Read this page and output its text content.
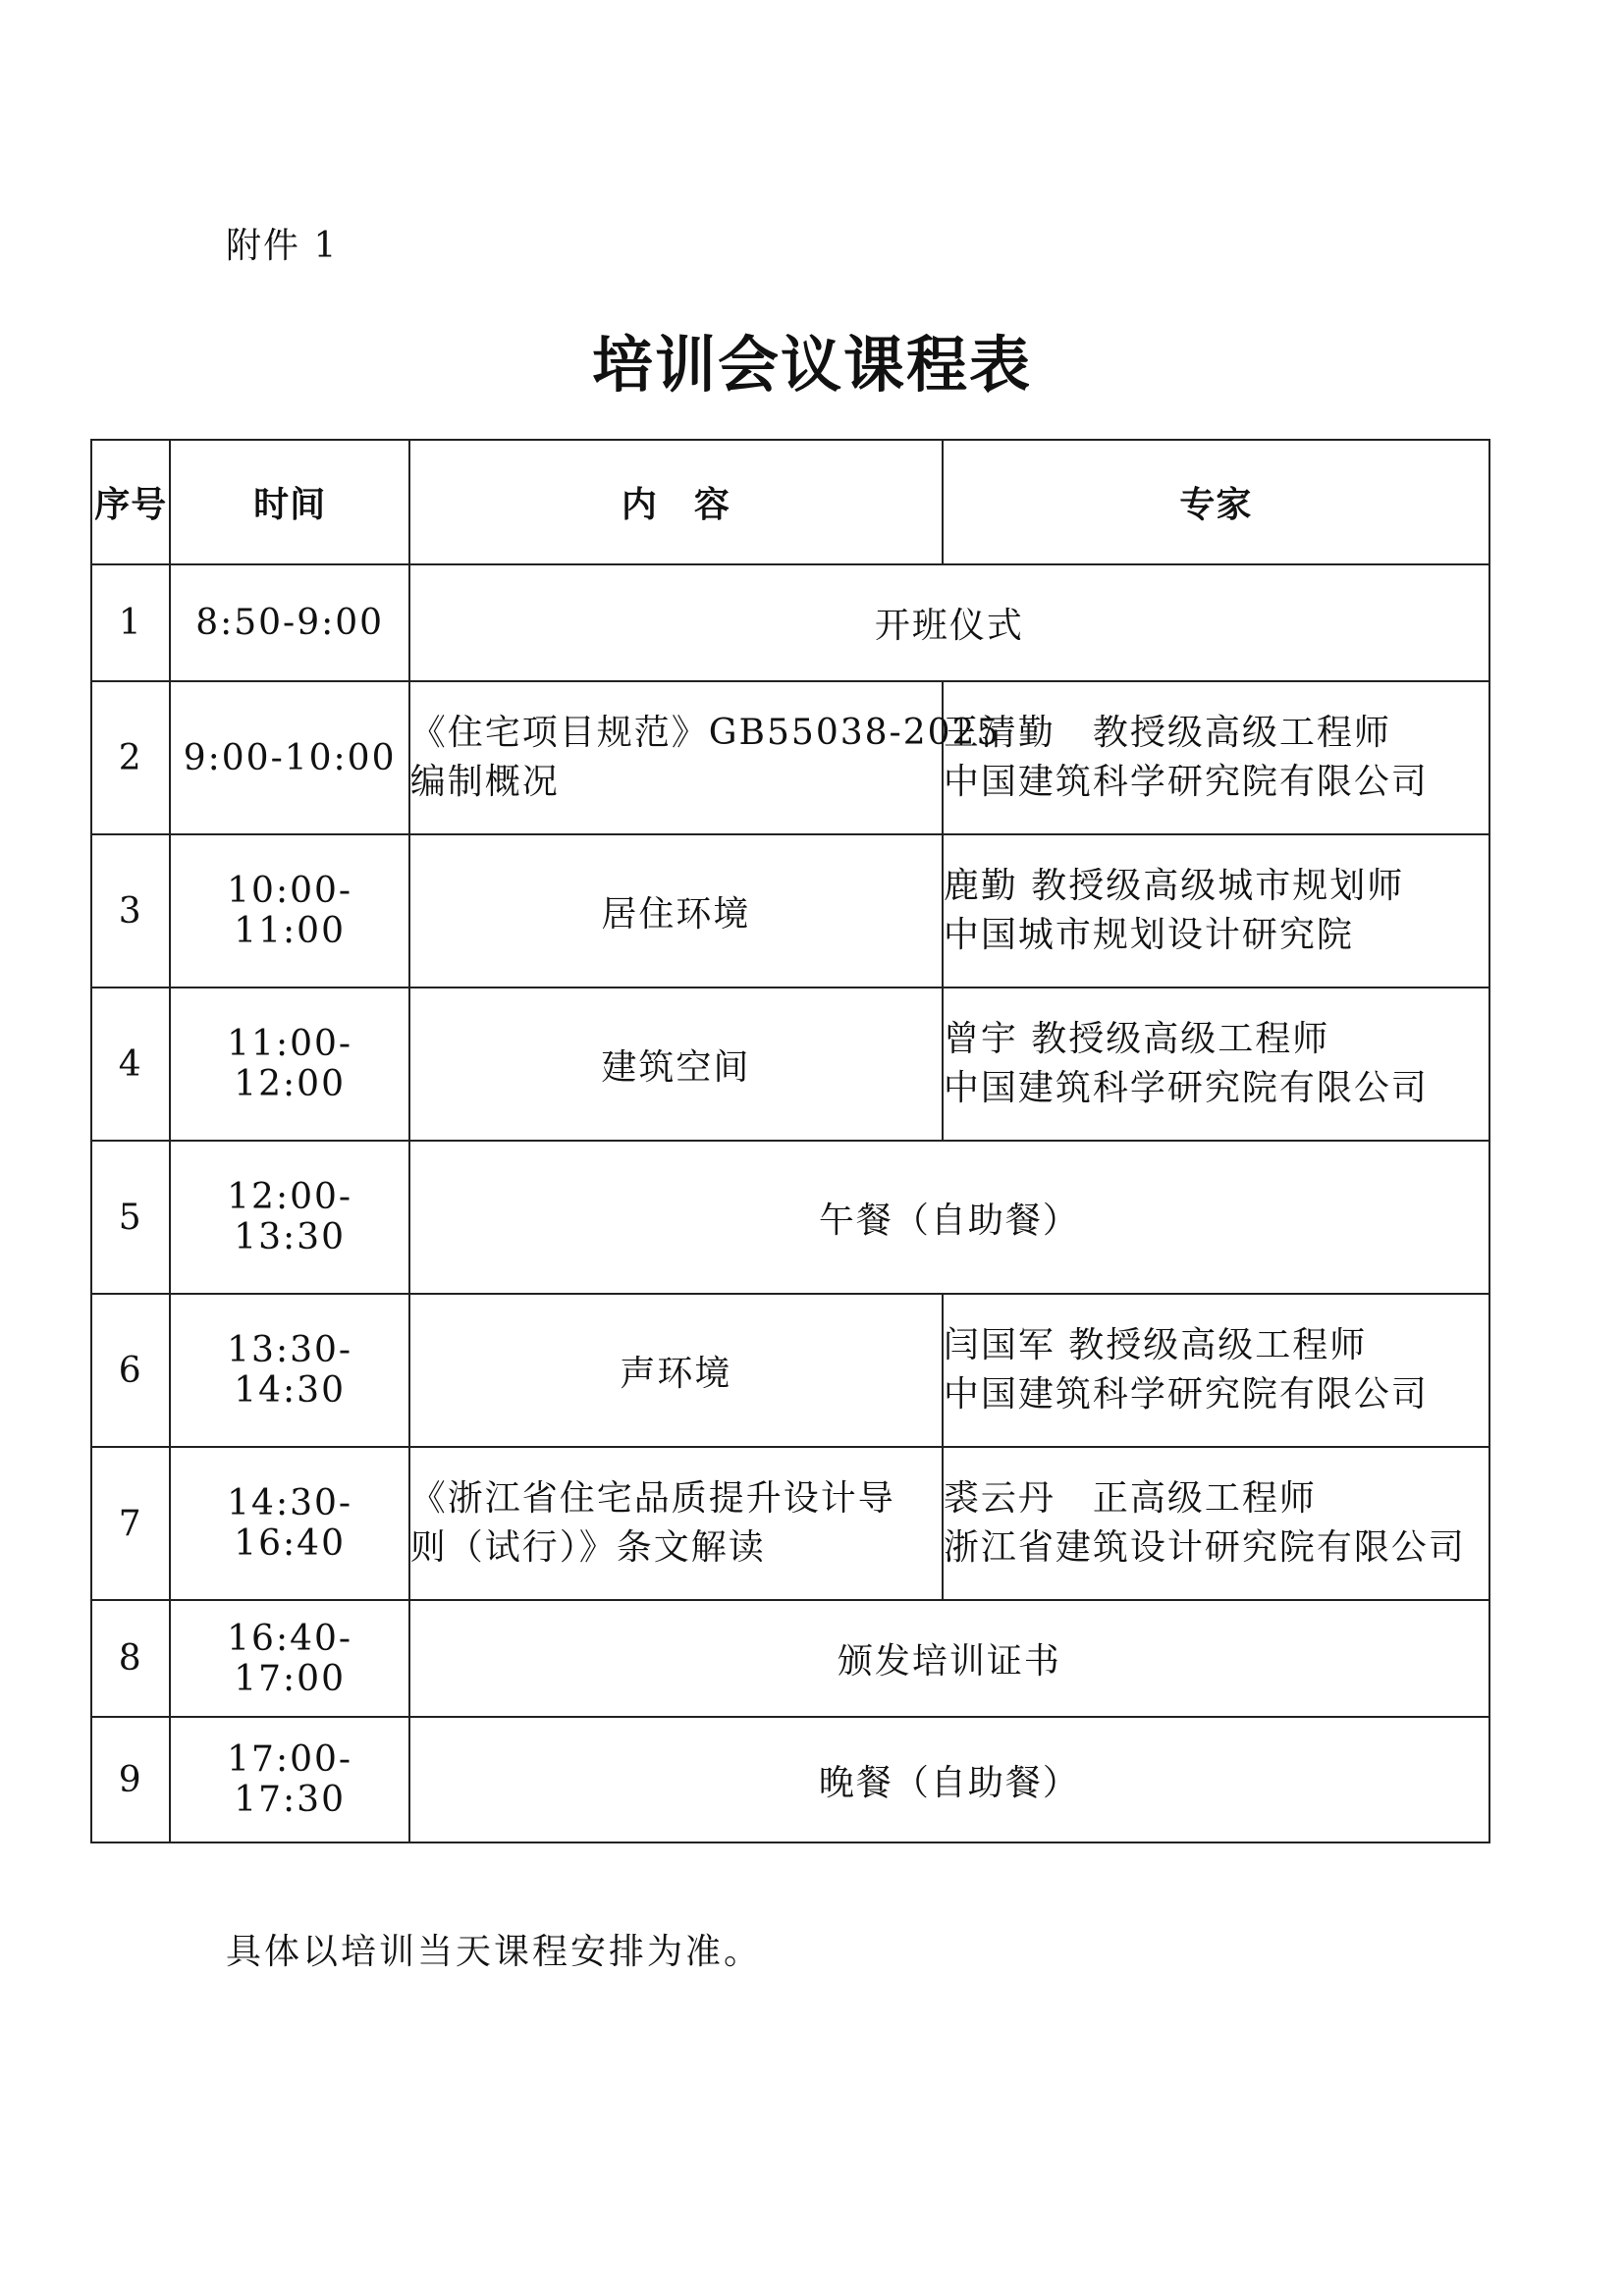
附件 1
培训会议课程表
序号	时间	内　容	专家
1	8:50-9:00	开班仪式	
2	9:00-10:00	《住宅项目规范》GB55038-2025
编制概况	王清勤　教授级高级工程师
中国建筑科学研究院有限公司

3	10:00-11:00	居住环境	鹿勤 教授级高级城市规划师
中国城市规划设计研究院

4	11:00-12:00	建筑空间	曾宇 教授级高级工程师
中国建筑科学研究院有限公司

5	12:00-13:30	午餐（自助餐）	
6	13:30-14:30	声环境	闫国军 教授级高级工程师
中国建筑科学研究院有限公司

7	14:30-16:40	《浙江省住宅品质提升设计导
则（试行）》条文解读	裘云丹　正高级工程师
浙江省建筑设计研究院有限公司

8	16:40-17:00	颁发培训证书	
9	17:00-17:30	晚餐（自助餐）	
具体以培训当天课程安排为准。
